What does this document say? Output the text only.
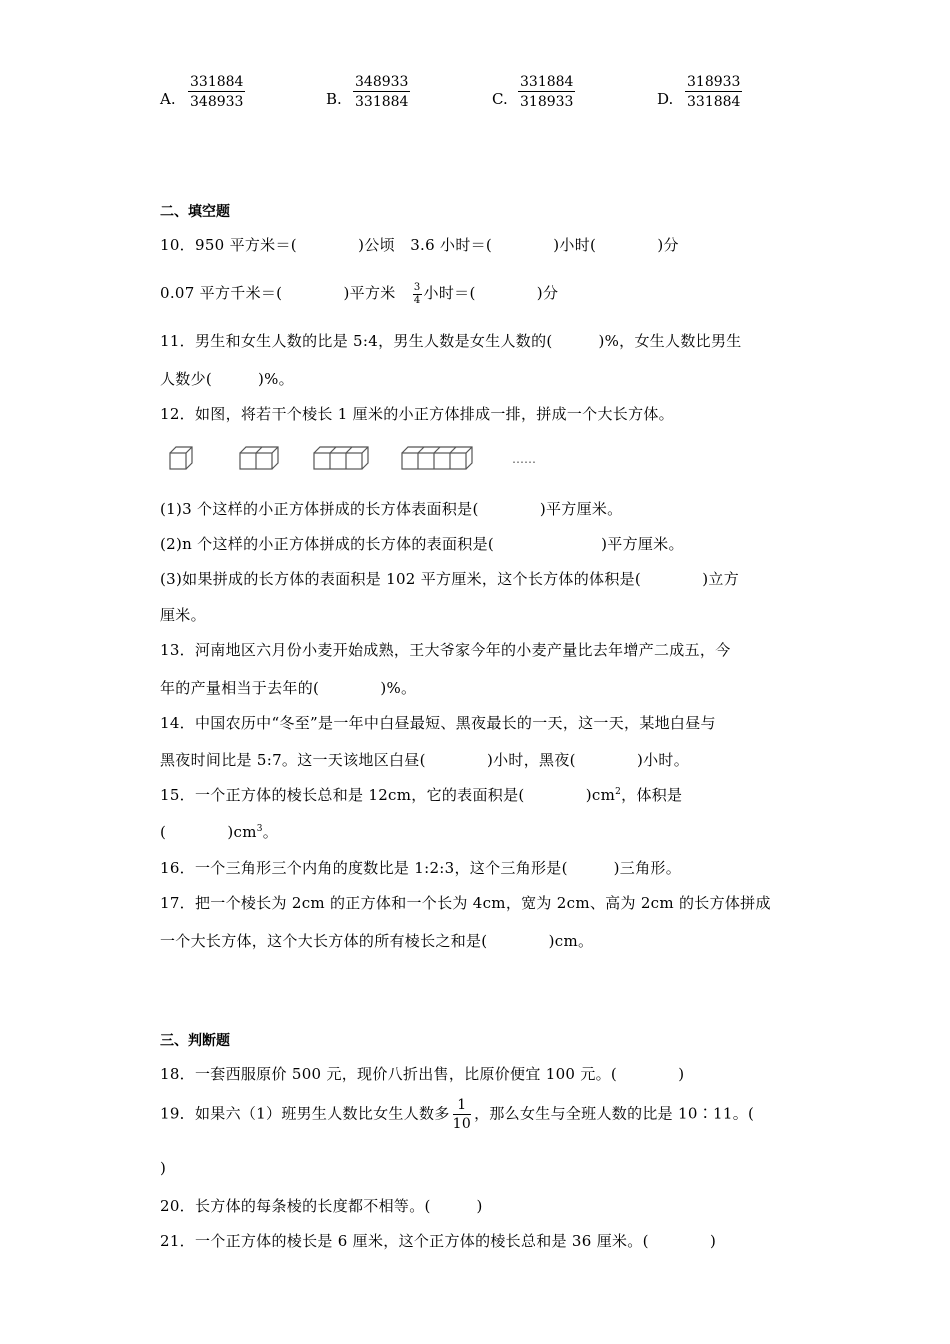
A. $\frac{331884}{348933}$	B. $\frac{348933}{331884}$	C. $\frac{331884}{318933}$	D. $\frac{318933}{331884}$
二、填空题
10．950 平方米＝(　　　　)公顷　3.6 小时＝(　　　　)小时(　　　　)分
0.07 平方千米＝(　　　　)平方米　 $\frac{3}{4}$ 小时＝(　　　　)分
11．男生和女生人数的比是 5:4，男生人数是女生人数的(　　　)%，女生人数比男生
人数少(　　　)%。
12．如图，将若干个棱长 1 厘米的小正方体排成一排，拼成一个大长方体。
……
(1)3 个这样的小正方体拼成的长方体表面积是(　　　　)平方厘米。
(2)n 个这样的小正方体拼成的长方体的表面积是(　　　　　　　)平方厘米。
(3)如果拼成的长方体的表面积是 102 平方厘米，这个长方体的体积是(　　　　)立方
厘米。
13．河南地区六月份小麦开始成熟，王大爷家今年的小麦产量比去年增产二成五，今
年的产量相当于去年的(　　　　)%。
14．中国农历中“冬至”是一年中白昼最短、黑夜最长的一天，这一天，某地白昼与
黑夜时间比是 5:7。这一天该地区白昼(　　　　)小时，黑夜(　　　　)小时。
15．一个正方体的棱长总和是 12cm，它的表面积是(　　　　)$cm^2$，体积是
(　　　　)$cm^3$。
16．一个三角形三个内角的度数比是 1:2:3，这个三角形是(　　　)三角形。
17．把一个棱长为 2cm 的正方体和一个长为 4cm，宽为 2cm、高为 2cm 的长方体拼成
一个大长方体，这个大长方体的所有棱长之和是(　　　　)cm。
三、判断题
18．一套西服原价 500 元，现价八折出售，比原价便宜 100 元。(　　　　)
19．如果六（1）班男生人数比女生人数多 $\frac{1}{10}$ ，那么女生与全班人数的比是 10∶11。(
)
20．长方体的每条棱的长度都不相等。(　　　)
21．一个正方体的棱长是 6 厘米，这个正方体的棱长总和是 36 厘米。(　　　　)
